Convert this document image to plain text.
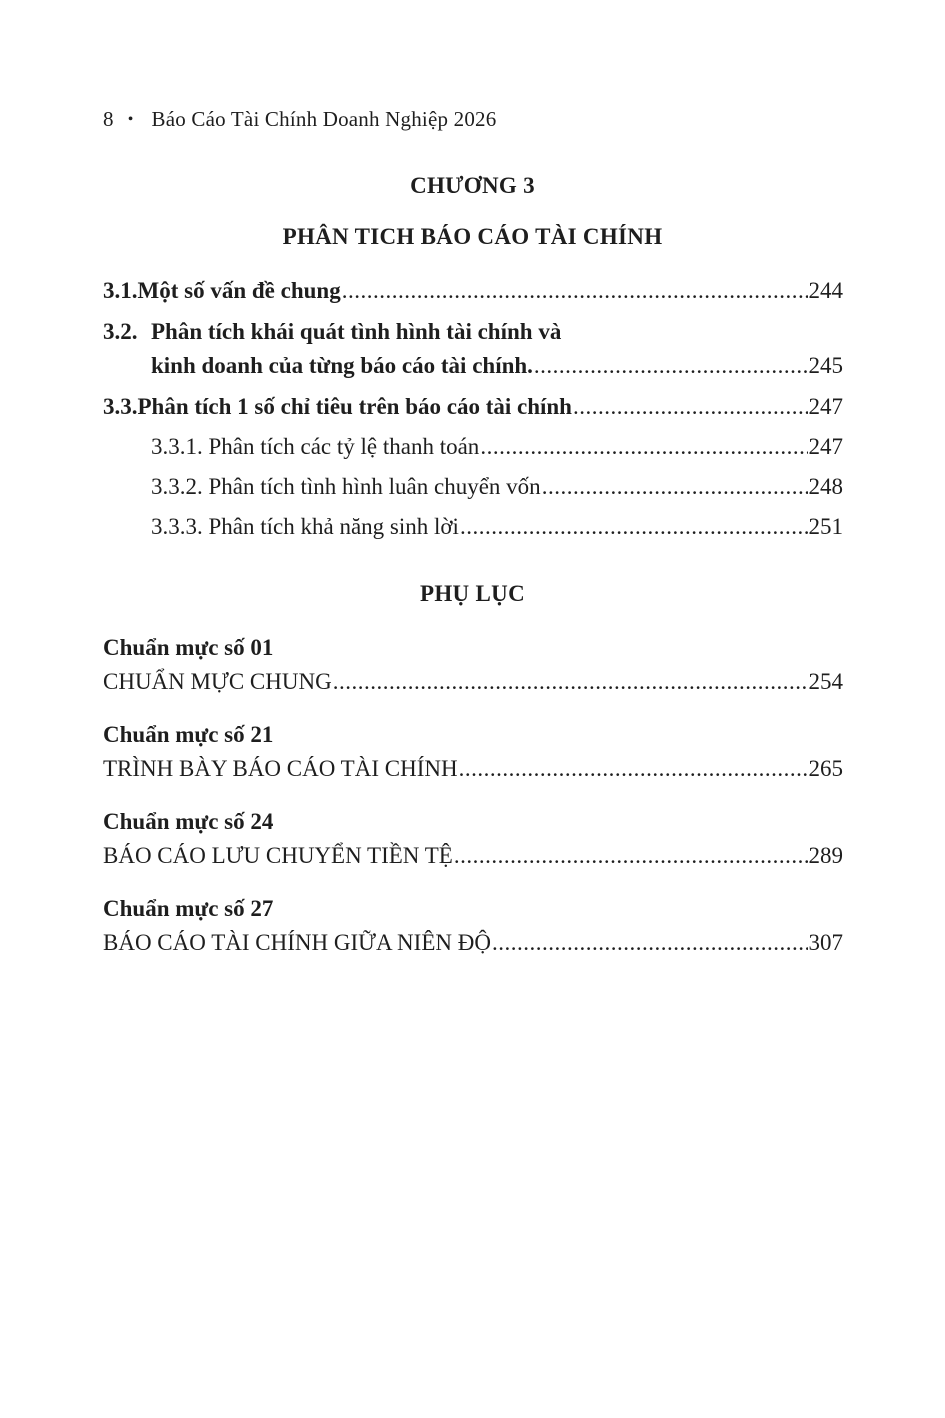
8 • Báo Cáo Tài Chính Doanh Nghiệp 2026
CHƯƠNG 3
PHÂN TICH BÁO CÁO TÀI CHÍNH
3.1. Một số vấn đề chung .....	244
3.2. Phân tích khái quát tình hình tài chính và
kinh doanh của từng báo cáo tài chính. .....	245
3.3. Phân tích 1 số chỉ tiêu trên báo cáo tài chính .....	247
3.3.1. Phân tích các tỷ lệ thanh toán .....	247
3.3.2. Phân tích tình hình luân chuyển vốn .....	248
3.3.3. Phân tích khả năng sinh lời .....	251
PHỤ LỤC
Chuẩn mực số 01
CHUẨN MỰC CHUNG .....	254
Chuẩn mực số 21
TRÌNH BÀY BÁO CÁO TÀI CHÍNH .....	265
Chuẩn mực số 24
BÁO CÁO LƯU CHUYỂN TIỀN TỆ .....	289
Chuẩn mực số 27
BÁO CÁO TÀI CHÍNH GIỮA NIÊN ĐỘ .....	307
